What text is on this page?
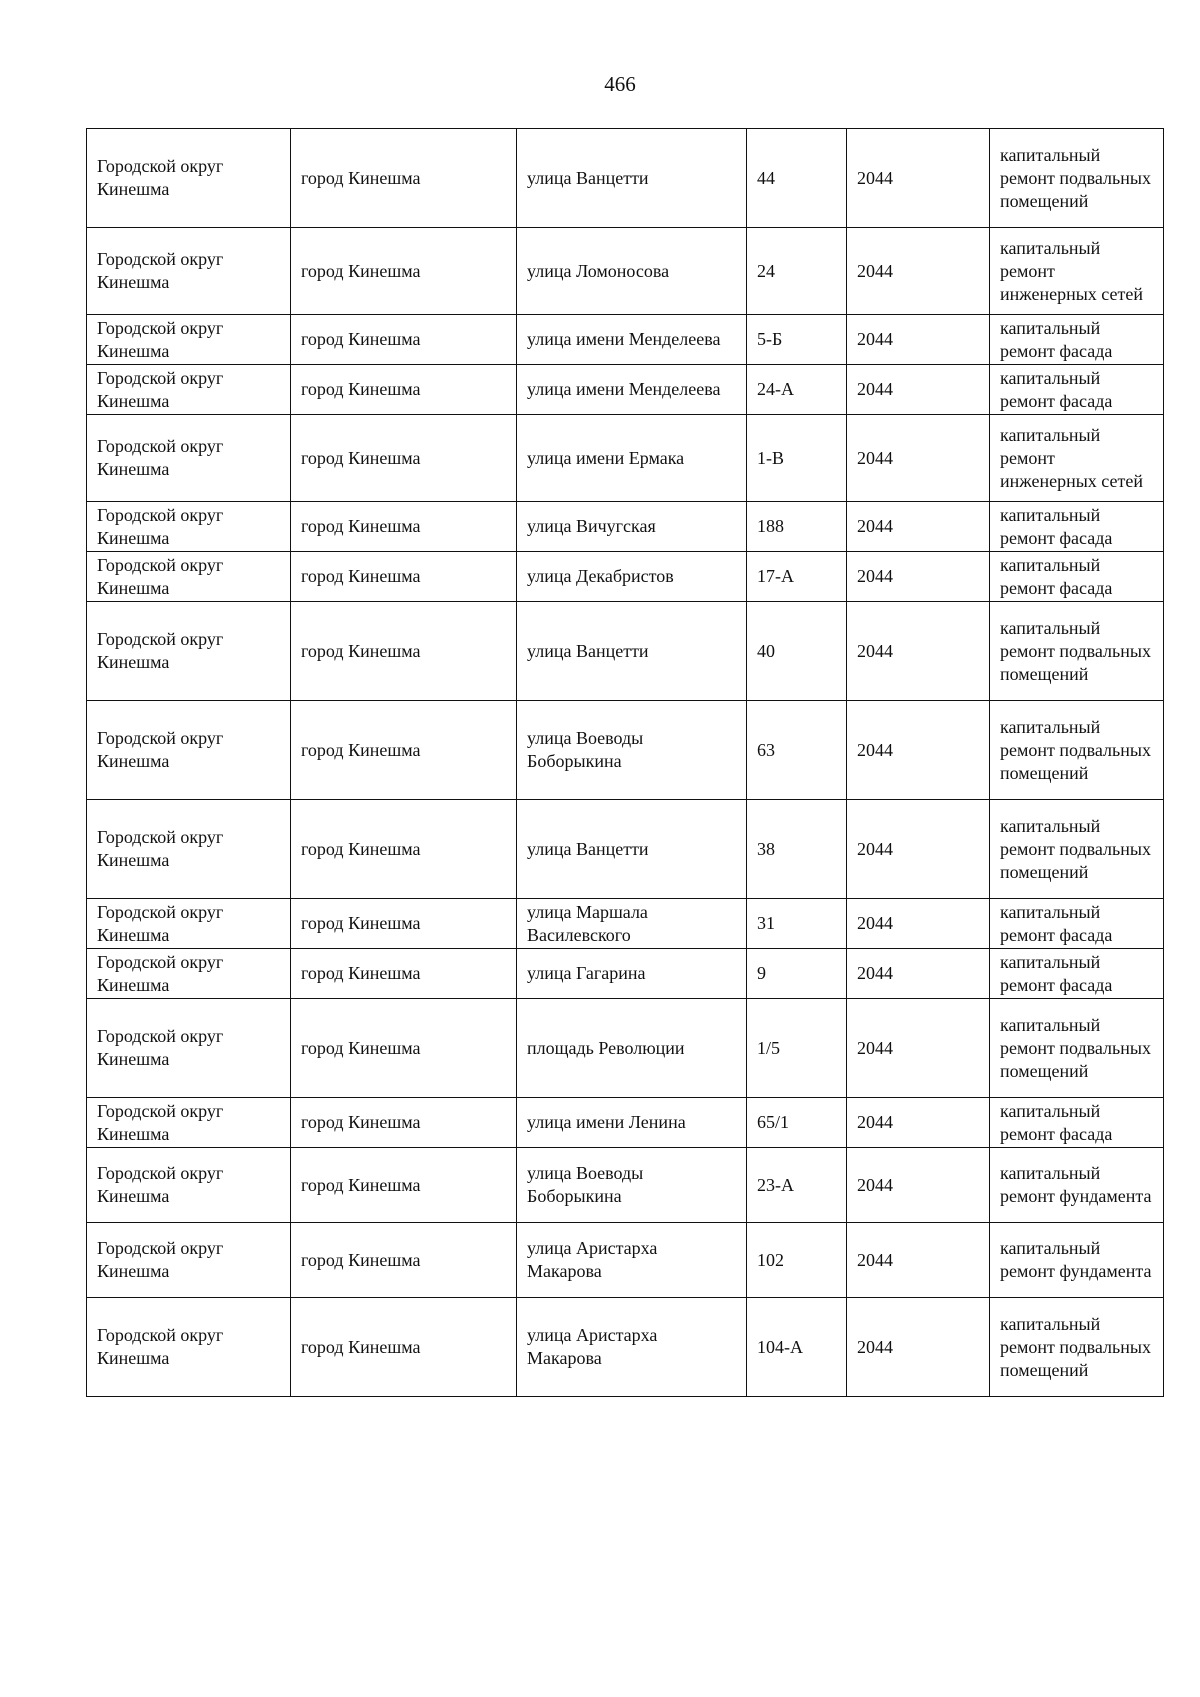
466
Городской округ Кинешма	город Кинешма	улица Ванцетти	44	2044	капитальный ремонт подвальных помещений
Городской округ Кинешма	город Кинешма	улица Ломоносова	24	2044	капитальный ремонт инженерных сетей
Городской округ Кинешма	город Кинешма	улица имени Менделеева	5-Б	2044	капитальный ремонт фасада
Городской округ Кинешма	город Кинешма	улица имени Менделеева	24-А	2044	капитальный ремонт фасада
Городской округ Кинешма	город Кинешма	улица имени Ермака	1-В	2044	капитальный ремонт инженерных сетей
Городской округ Кинешма	город Кинешма	улица Вичугская	188	2044	капитальный ремонт фасада
Городской округ Кинешма	город Кинешма	улица Декабристов	17-А	2044	капитальный ремонт фасада
Городской округ Кинешма	город Кинешма	улица Ванцетти	40	2044	капитальный ремонт подвальных помещений
Городской округ Кинешма	город Кинешма	улица Воеводы Боборыкина	63	2044	капитальный ремонт подвальных помещений
Городской округ Кинешма	город Кинешма	улица Ванцетти	38	2044	капитальный ремонт подвальных помещений
Городской округ Кинешма	город Кинешма	улица Маршала Василевского	31	2044	капитальный ремонт фасада
Городской округ Кинешма	город Кинешма	улица Гагарина	9	2044	капитальный ремонт фасада
Городской округ Кинешма	город Кинешма	площадь Революции	1/5	2044	капитальный ремонт подвальных помещений
Городской округ Кинешма	город Кинешма	улица имени Ленина	65/1	2044	капитальный ремонт фасада
Городской округ Кинешма	город Кинешма	улица Воеводы Боборыкина	23-А	2044	капитальный ремонт фундамента
Городской округ Кинешма	город Кинешма	улица Аристарха Макарова	102	2044	капитальный ремонт фундамента
Городской округ Кинешма	город Кинешма	улица Аристарха Макарова	104-А	2044	капитальный ремонт подвальных помещений
